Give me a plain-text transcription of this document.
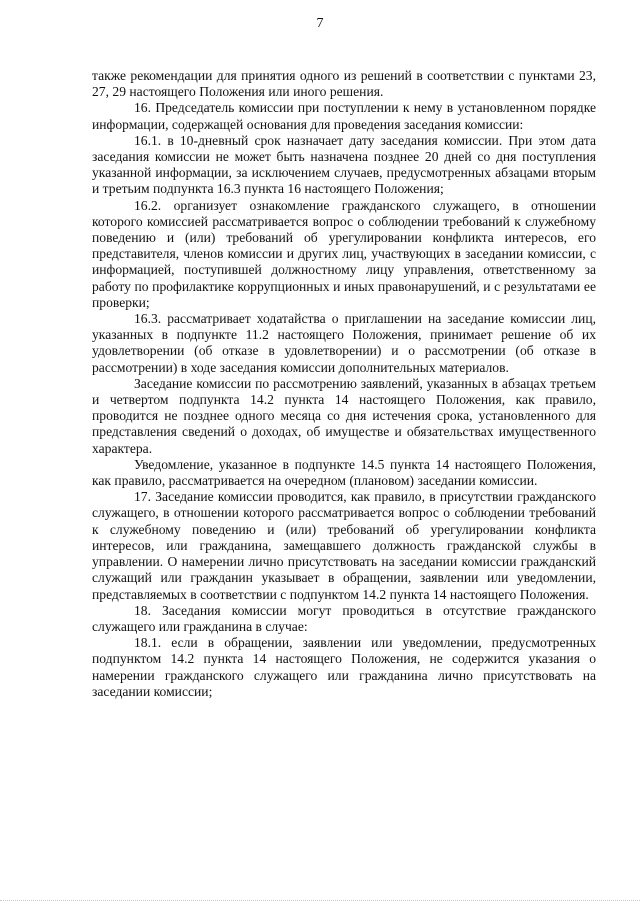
7

также рекомендации для принятия одного из решений в соответствии с пунктами 23, 27, 29 настоящего Положения или иного решения.

16. Председатель комиссии при поступлении к нему в установленном порядке информации, содержащей основания для проведения заседания комиссии:

16.1. в 10-дневный срок назначает дату заседания комиссии. При этом дата заседания комиссии не может быть назначена позднее 20 дней со дня поступления указанной информации, за исключением случаев, предусмотренных абзацами вторым и третьим подпункта 16.3 пункта 16 настоящего Положения;

16.2. организует ознакомление гражданского служащего, в отношении которого комиссией рассматривается вопрос о соблюдении требований к служебному поведению и (или) требований об урегулировании конфликта интересов, его представителя, членов комиссии и других лиц, участвующих в заседании комиссии, с информацией, поступившей должностному лицу управления, ответственному за работу по профилактике коррупционных и иных правонарушений, и с результатами ее проверки;

16.3. рассматривает ходатайства о приглашении на заседание комиссии лиц, указанных в подпункте 11.2 настоящего Положения, принимает решение об их удовлетворении (об отказе в удовлетворении) и о рассмотрении (об отказе в рассмотрении) в ходе заседания комиссии дополнительных материалов.

Заседание комиссии по рассмотрению заявлений, указанных в абзацах третьем и четвертом подпункта 14.2 пункта 14 настоящего Положения, как правило, проводится не позднее одного месяца со дня истечения срока, установленного для представления сведений о доходах, об имуществе и обязательствах имущественного характера.

Уведомление, указанное в подпункте 14.5 пункта 14 настоящего Положения, как правило, рассматривается на очередном (плановом) заседании комиссии.

17. Заседание комиссии проводится, как правило, в присутствии гражданского служащего, в отношении которого рассматривается вопрос о соблюдении требований к служебному поведению и (или) требований об урегулировании конфликта интересов, или гражданина, замещавшего должность гражданской службы в управлении. О намерении лично присутствовать на заседании комиссии гражданский служащий или гражданин указывает в обращении, заявлении или уведомлении, представляемых в соответствии с подпунктом 14.2 пункта 14 настоящего Положения.

18. Заседания комиссии могут проводиться в отсутствие гражданского служащего или гражданина в случае:

18.1. если в обращении, заявлении или уведомлении, предусмотренных подпунктом 14.2 пункта 14 настоящего Положения, не содержится указания о намерении гражданского служащего или гражданина лично присутствовать на заседании комиссии;
